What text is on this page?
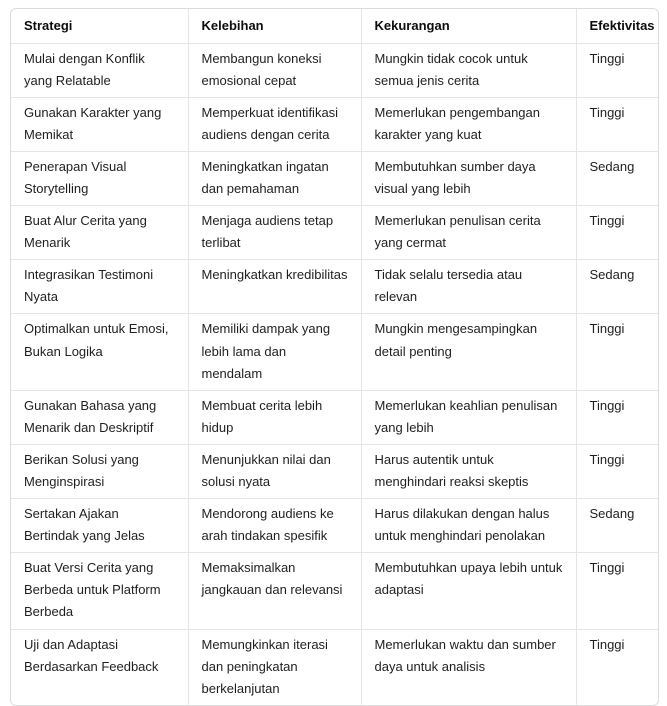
Strategi	Kelebihan	Kekurangan	Efektivitas
Mulai dengan Konflik yang Relatable	Membangun koneksi emosional cepat	Mungkin tidak cocok untuk semua jenis cerita	Tinggi
Gunakan Karakter yang Memikat	Memperkuat identifikasi audiens dengan cerita	Memerlukan pengembangan karakter yang kuat	Tinggi
Penerapan Visual Storytelling	Meningkatkan ingatan dan pemahaman	Membutuhkan sumber daya visual yang lebih	Sedang
Buat Alur Cerita yang Menarik	Menjaga audiens tetap terlibat	Memerlukan penulisan cerita yang cermat	Tinggi
Integrasikan Testimoni Nyata	Meningkatkan kredibilitas	Tidak selalu tersedia atau relevan	Sedang
Optimalkan untuk Emosi, Bukan Logika	Memiliki dampak yang lebih lama dan mendalam	Mungkin mengesampingkan detail penting	Tinggi
Gunakan Bahasa yang Menarik dan Deskriptif	Membuat cerita lebih hidup	Memerlukan keahlian penulisan yang lebih	Tinggi
Berikan Solusi yang Menginspirasi	Menunjukkan nilai dan solusi nyata	Harus autentik untuk menghindari reaksi skeptis	Tinggi
Sertakan Ajakan Bertindak yang Jelas	Mendorong audiens ke arah tindakan spesifik	Harus dilakukan dengan halus untuk menghindari penolakan	Sedang
Buat Versi Cerita yang Berbeda untuk Platform Berbeda	Memaksimalkan jangkauan dan relevansi	Membutuhkan upaya lebih untuk adaptasi	Tinggi
Uji dan Adaptasi Berdasarkan Feedback	Memungkinkan iterasi dan peningkatan berkelanjutan	Memerlukan waktu dan sumber daya untuk analisis	Tinggi
